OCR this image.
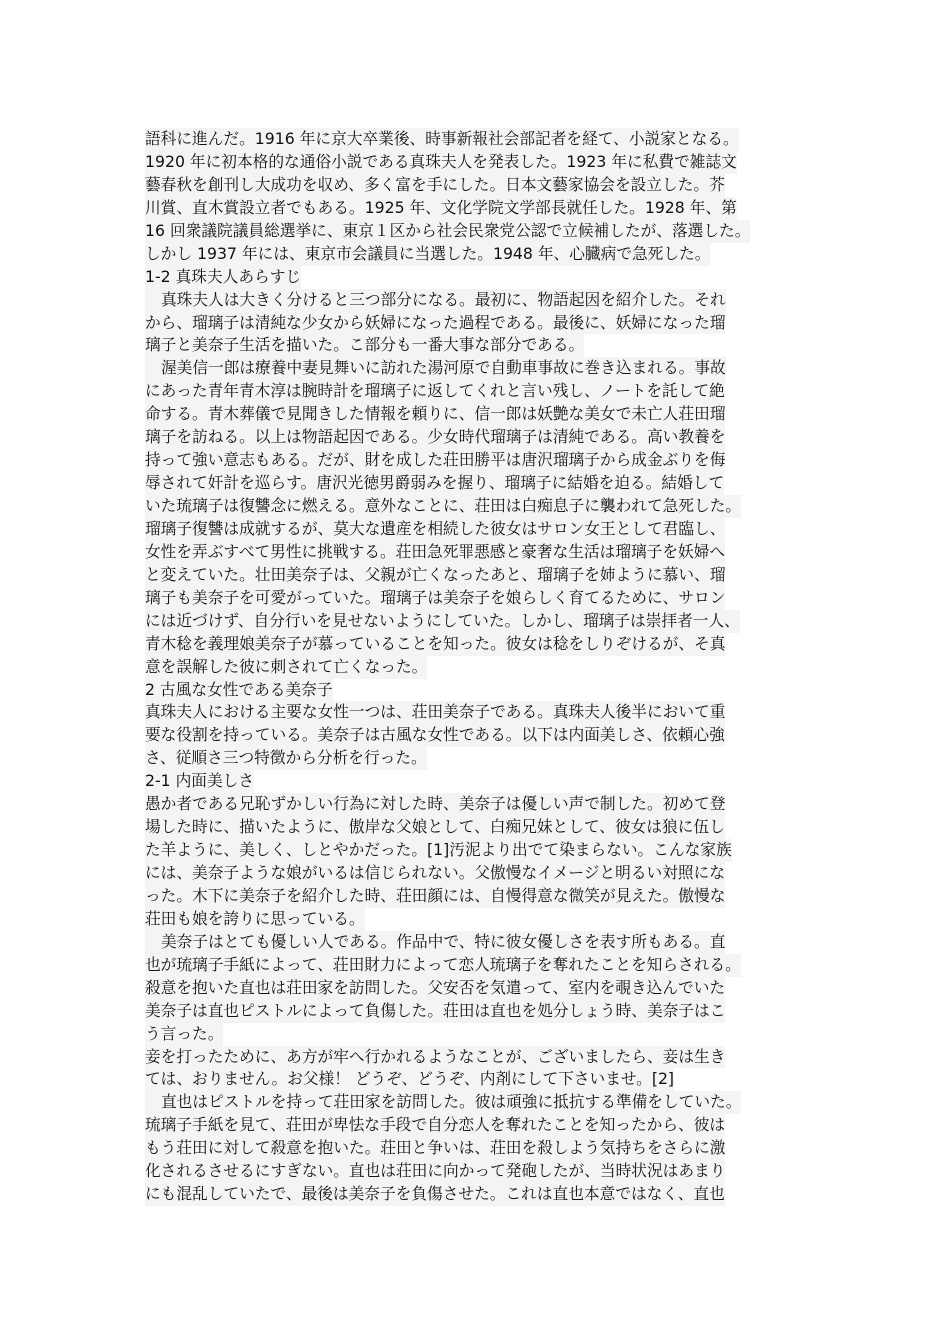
語科に進んだ。1916 年に京大卒業後、時事新報社会部記者を経て、小説家となる。
1920 年に初本格的な通俗小説である真珠夫人を発表した。1923 年に私費で雑誌文
藝春秋を創刊し大成功を収め、多く富を手にした。日本文藝家協会を設立した。芥
川賞、直木賞設立者でもある。1925 年、文化学院文学部長就任した。1928 年、第
16 回衆議院議員総選挙に、東京１区から社会民衆党公認で立候補したが、落選した。
しかし 1937 年には、東京市会議員に当選した。1948 年、心臓病で急死した。
1-2 真珠夫人あらすじ
真珠夫人は大きく分けると三つ部分になる。最初に、物語起因を紹介した。それ
から、瑠璃子は清純な少女から妖婦になった過程である。最後に、妖婦になった瑠
璃子と美奈子生活を描いた。こ部分も一番大事な部分である。
渥美信一郎は療養中妻見舞いに訪れた湯河原で自動車事故に巻き込まれる。事故
にあった青年青木淳は腕時計を瑠璃子に返してくれと言い残し、ノートを託して絶
命する。青木葬儀で見聞きした情報を頼りに、信一郎は妖艶な美女で未亡人荘田瑠
璃子を訪ねる。以上は物語起因である。少女時代瑠璃子は清純である。高い教養を
持って強い意志もある。だが、財を成した荘田勝平は唐沢瑠璃子から成金ぶりを侮
辱されて奸計を巡らす。唐沢光徳男爵弱みを握り、瑠璃子に結婚を迫る。結婚して
いた琉璃子は復讐念に燃える。意外なことに、荘田は白痴息子に襲われて急死した。
瑠璃子復讐は成就するが、莫大な遺産を相続した彼女はサロン女王として君臨し、
女性を弄ぶすべて男性に挑戦する。荘田急死罪悪感と豪奢な生活は瑠璃子を妖婦へ
と変えていた。壮田美奈子は、父親が亡くなったあと、瑠璃子を姉ように慕い、瑠
璃子も美奈子を可愛がっていた。瑠璃子は美奈子を娘らしく育てるために、サロン
には近づけず、自分行いを見せないようにしていた。しかし、瑠璃子は崇拝者一人、
青木稔を義理娘美奈子が慕っていることを知った。彼女は稔をしりぞけるが、そ真
意を誤解した彼に刺されて亡くなった。
2 古風な女性である美奈子
真珠夫人における主要な女性一つは、荘田美奈子である。真珠夫人後半において重
要な役割を持っている。美奈子は古風な女性である。以下は内面美しさ、依頼心強
さ、従順さ三つ特徴から分析を行った。
2-1 内面美しさ
愚か者である兄恥ずかしい行為に対した時、美奈子は優しい声で制した。初めて登
場した時に、描いたように、傲岸な父娘として、白痴兄妹として、彼女は狼に伍し
た羊ように、美しく、しとやかだった。[1]汚泥より出でて染まらない。こんな家族
には、美奈子ような娘がいるは信じられない。父傲慢なイメージと明るい対照にな
った。木下に美奈子を紹介した時、荘田顔には、自慢得意な微笑が見えた。傲慢な
荘田も娘を誇りに思っている。
美奈子はとても優しい人である。作品中で、特に彼女優しさを表す所もある。直
也が琉璃子手紙によって、荘田財力によって恋人琉璃子を奪れたことを知らされる。
殺意を抱いた直也は荘田家を訪問した。父安否を気遣って、室内を覗き込んでいた
美奈子は直也ピストルによって負傷した。荘田は直也を処分しょう時、美奈子はこ
う言った。
妾を打ったために、あ方が牢へ行かれるようなことが、ございましたら、妾は生き
ては、おりません。お父様！ どうぞ、どうぞ、内剤にして下さいませ。[2]
直也はピストルを持って荘田家を訪問した。彼は頑強に抵抗する準備をしていた。
琉璃子手紙を見て、荘田が卑怯な手段で自分恋人を奪れたことを知ったから、彼は
もう荘田に対して殺意を抱いた。荘田と争いは、荘田を殺しよう気持ちをさらに激
化されるさせるにすぎない。直也は荘田に向かって発砲したが、当時状況はあまり
にも混乱していたで、最後は美奈子を負傷させた。これは直也本意ではなく、直也
